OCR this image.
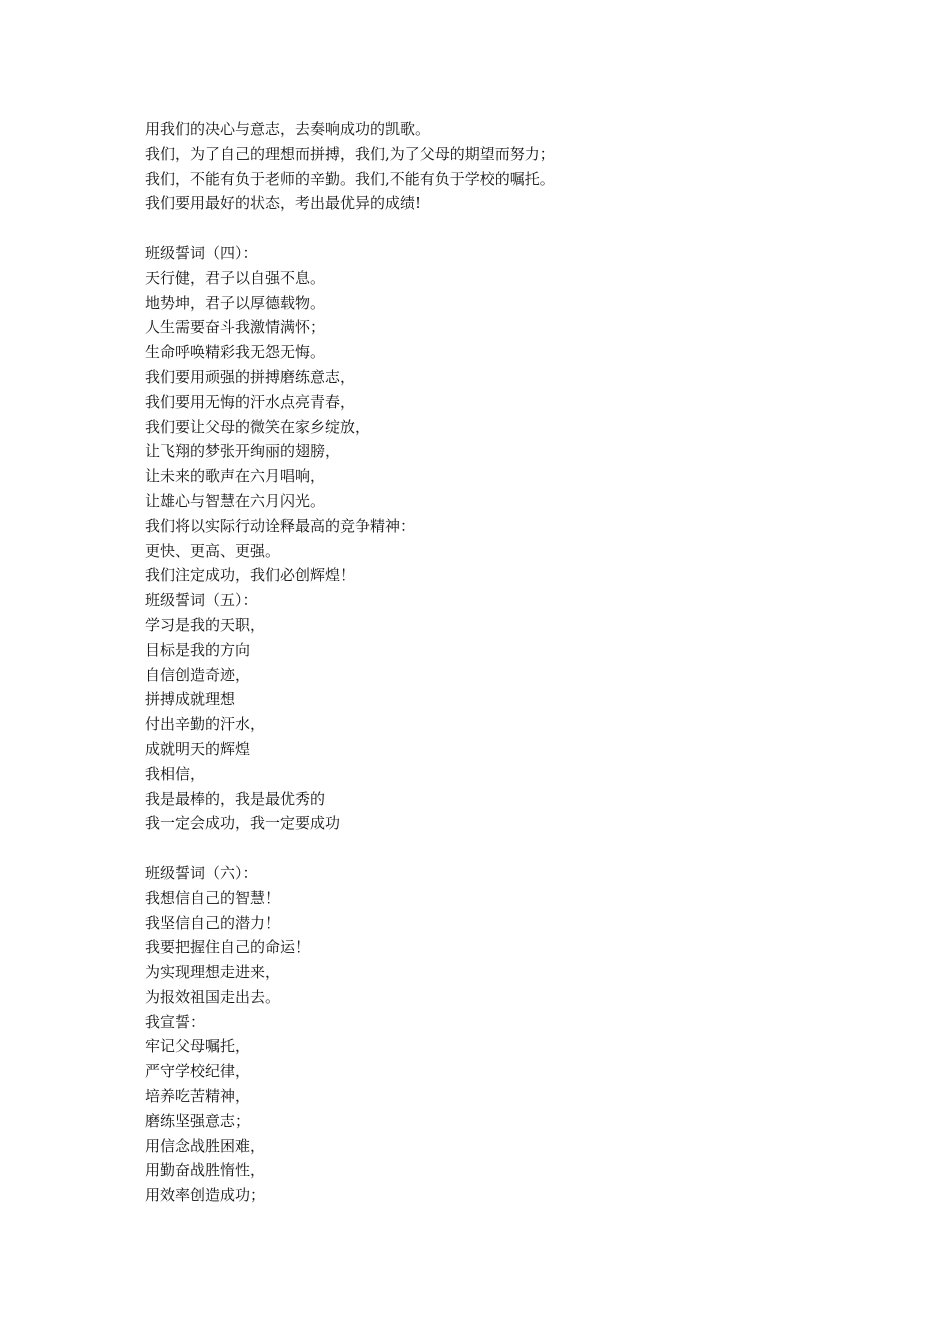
用我们的决心与意志，去奏响成功的凯歌。
我们，为了自己的理想而拼搏，我们,为了父母的期望而努力；
我们，不能有负于老师的辛勤。我们,不能有负于学校的嘱托。
我们要用最好的状态，考出最优异的成绩!
班级誓词（四）：
天行健，君子以自强不息。
地势坤，君子以厚德载物。
人生需要奋斗我激情满怀；
生命呼唤精彩我无怨无悔。
我们要用顽强的拼搏磨练意志，
我们要用无悔的汗水点亮青春，
我们要让父母的微笑在家乡绽放，
让飞翔的梦张开绚丽的翅膀，
让未来的歌声在六月唱响，
让雄心与智慧在六月闪光。
我们将以实际行动诠释最高的竞争精神：
更快、更高、更强。
我们注定成功，我们必创辉煌！
班级誓词（五）：
学习是我的天职，
目标是我的方向
自信创造奇迹，
拼搏成就理想
付出辛勤的汗水，
成就明天的辉煌
我相信，
我是最棒的，我是最优秀的
我一定会成功，我一定要成功
班级誓词（六）：
我想信自己的智慧！
我坚信自己的潜力！
我要把握住自己的命运！
为实现理想走进来，
为报效祖国走出去。
我宣誓：
牢记父母嘱托，
严守学校纪律，
培养吃苦精神，
磨练坚强意志；
用信念战胜困难，
用勤奋战胜惰性，
用效率创造成功；
